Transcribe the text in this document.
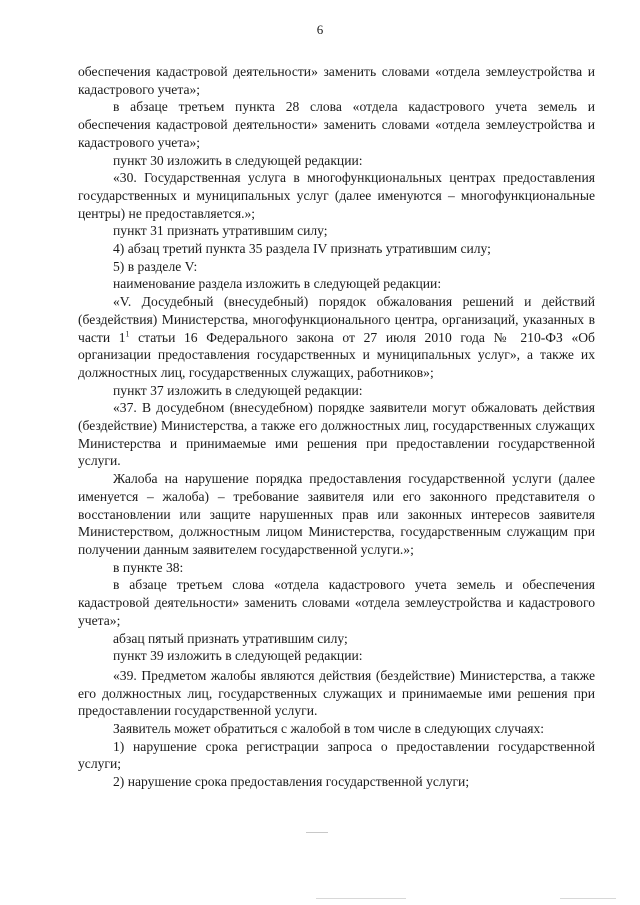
6

обеспечения кадастровой деятельности» заменить словами «отдела землеустройства и кадастрового учета»;

в абзаце третьем пункта 28 слова «отдела кадастрового учета земель и обеспечения кадастровой деятельности» заменить словами «отдела землеустройства и кадастрового учета»;

пункт 30 изложить в следующей редакции:

«30. Государственная услуга в многофункциональных центрах предоставления государственных и муниципальных услуг (далее именуются – многофункциональные центры) не предоставляется.»;

пункт 31 признать утратившим силу;

4) абзац третий пункта 35 раздела IV признать утратившим силу;

5) в разделе V:

наименование раздела изложить в следующей редакции:

«V. Досудебный (внесудебный) порядок обжалования решений и действий (бездействия) Министерства, многофункционального центра, организаций, указанных в части $1^1$ статьи 16 Федерального закона от 27 июля 2010 года № 210-ФЗ «Об организации предоставления государственных и муниципальных услуг», а также их должностных лиц, государственных служащих, работников»;

пункт 37 изложить в следующей редакции:

«37. В досудебном (внесудебном) порядке заявители могут обжаловать действия (бездействие) Министерства, а также его должностных лиц, государственных служащих Министерства и принимаемые ими решения при предоставлении государственной услуги.

Жалоба на нарушение порядка предоставления государственной услуги (далее именуется – жалоба) – требование заявителя или его законного представителя о восстановлении или защите нарушенных прав или законных интересов заявителя Министерством, должностным лицом Министерства, государственным служащим при получении данным заявителем государственной услуги.»;

в пункте 38:

в абзаце третьем слова «отдела кадастрового учета земель и обеспечения кадастровой деятельности» заменить словами «отдела землеустройства и кадастрового учета»;

абзац пятый признать утратившим силу;

пункт 39 изложить в следующей редакции:

«39. Предметом жалобы являются действия (бездействие) Министерства, а также его должностных лиц, государственных служащих и принимаемые ими решения при предоставлении государственной услуги.

Заявитель может обратиться с жалобой в том числе в следующих случаях:

1) нарушение срока регистрации запроса о предоставлении государственной услуги;

2) нарушение срока предоставления государственной услуги;
